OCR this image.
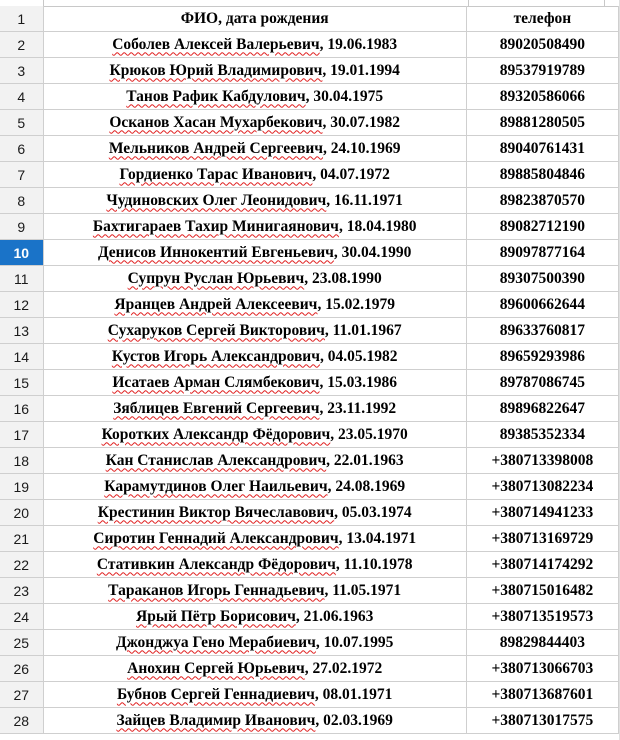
1	ФИО, дата рождения	телефон	
2	Соболев Алексей Валерьевич, 19.06.1983	89020508490	
3	Крюков Юрий Владимирович, 19.01.1994	89537919789	
4	Танов Рафик Кабдулович, 30.04.1975	89320586066	
5	Осканов Хасан Мухарбекович, 30.07.1982	89881280505	
6	Мельников Андрей Сергеевич, 24.10.1969	89040761431	
7	Гордиенко Тарас Иванович, 04.07.1972	89885804846	
8	Чудиновских Олег Леонидович, 16.11.1971	89823870570	
9	Бахтигараев Тахир Минигаянович, 18.04.1980	89082712190	
10	Денисов Иннокентий Евгеньевич, 30.04.1990	89097877164	
11	Супрун Руслан Юрьевич, 23.08.1990	89307500390	
12	Яранцев Андрей Алексеевич, 15.02.1979	89600662644	
13	Сухаруков Сергей Викторович, 11.01.1967	89633760817	
14	Кустов Игорь Александрович, 04.05.1982	89659293986	
15	Исатаев Арман Слямбекович, 15.03.1986	89787086745	
16	Зяблицев Евгений Сергеевич, 23.11.1992	89896822647	
17	Коротких Александр Фёдорович, 23.05.1970	89385352334	
18	Кан Станислав Александрович, 22.01.1963	+380713398008	
19	Карамутдинов Олег Наильевич, 24.08.1969	+380713082234	
20	Крестинин Виктор Вячеславович, 05.03.1974	+380714941233	
21	Сиротин Геннадий Александрович, 13.04.1971	+380713169729	
22	Стативкин Александр Фёдорович, 11.10.1978	+380714174292	
23	Тараканов Игорь Геннадьевич, 11.05.1971	+380715016482	
24	Ярый Пётр Борисович, 21.06.1963	+380713519573	
25	Джонджуа Гено Мерабиевич, 10.07.1995	89829844403	
26	Анохин Сергей Юрьевич, 27.02.1972	+380713066703	
27	Бубнов Сергей Геннадиевич, 08.01.1971	+380713687601	
28	Зайцев Владимир Иванович, 02.03.1969	+380713017575	
